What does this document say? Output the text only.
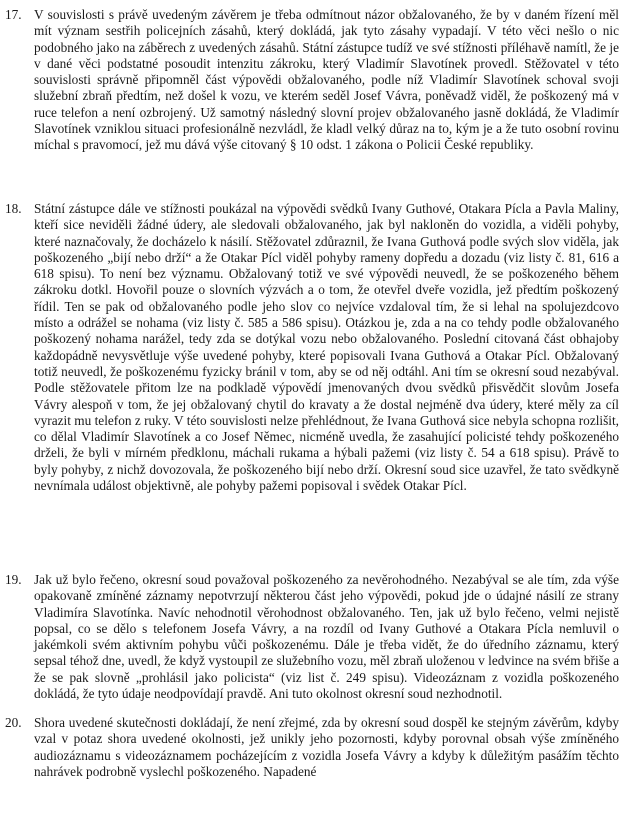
17. V souvislosti s právě uvedeným závěrem je třeba odmítnout názor obžalovaného, že by v daném řízení mě‌l mít význam sestřih policejních zásahů, který dokládá, jak tyto zásahy vypadají. V této věci nešlo o nic podobného jako na záběrech z uvedených zásahů. Státní zástupce tudíž ve své stížnosti příléhavě namítl, že je v dané věci podstatné posoudit intenzitu zákroku, který Vladimír Slavotínek provedl. Stěžovatel v této souvislosti správně připomněl část výpovědi obžalovaného, podle níž Vladimír Slavotínek schoval svoji služební zbraň předtím, než došel k vozu, ve kterém seděl Josef Vávra, poněvadž viděl, že poškozený má v ruce telefon a není ozbrojený. Už samotný následný slovní projev obžalovaného jasně dokládá, že Vladimír Slavotínek vzniklou situaci profesionálně nezvládl, že kladl velký důraz na to, kým je a že tuto osobní rovinu míchal s pravomocí, jež mu dává výše citovaný § 10 odst. 1 zákona o Policii České republiky.

18. Státní zástupce dále ve stížnosti poukázal na výpovědi svědků Ivany Guthové, Otakara Pícla a Pavla Maliny, kteří sice neviděli žádné údery, ale sledovali obžalovaného, jak byl nakloněn do vozidla, a viděli pohyby, které naznačovaly, že docházelo k násilí. Stěžovatel zdůraznil, že Ivana Guthová podle svých slov viděla, jak poškozeného „bijí nebo drží“ a že Otakar Pícl viděl pohyby rameny dopředu a dozadu (viz listy č. 81, 616 a 618 spisu). To není bez významu. Obžalovaný totiž ve své výpovědi neuvedl, že se poškozeného během zákroku dotkl. Hovořil pouze o slovních výzvách a o tom, že otevřel dveře vozidla, jež předtím poškozený řídil. Ten se pak od obžalovaného podle jeho slov co nejvíce vzdaloval tím, že si lehal na spolujezdcovo místo a odrážel se nohama (viz listy č. 585 a 586 spisu). Otázkou je, zda a na co tehdy podle obžalovaného poškozený nohama narážel, tedy zda se dotýkal vozu nebo obžalovaného. Poslední citovaná část obhajoby každopádně nevysvětluje výše uvedené pohyby, které popisovali Ivana Guthová a Otakar Pícl. Obžalovaný totiž neuvedl, že poškozenému fyzicky bránil v tom, aby se od něj odtáhl. Ani tím se okresní soud nezabýval. Podle stěžovatele přitom lze na podkladě výpovědí jmenovaných dvou svědků přisvědčit slovům Josefa Vávry alespoň v tom, že jej obžalovaný chytil do kravaty a že dostal nejméně dva údery, které měly za cíl vyrazit mu telefon z ruky. V této souvislosti nelze přehlédnout, že Ivana Guthová sice nebyla schopna rozlišit, co dělal Vladimír Slavotínek a co Josef Němec, nicméně uvedla, že zasahující policisté tehdy poškozeného drželi, že byli v mírném předklonu, máchali rukama a hýbali pažemi (viz listy č. 54 a 618 spisu). Právě to byly pohyby, z nichž dovozovala, že poškozeného bijí nebo drží. Okresní soud sice uzavřel, že tato svědkyně nevnímala událost objektivně, ale pohyby pažemi popisoval i svědek Otakar Pícl.

19. Jak už bylo řečeno, okresní soud považoval poškozeného za nevěrohodného. Nezabýval se ale tím, zda výše opakovaně zmíněné záznamy nepotvrzují některou část jeho výpovědi, pokud jde o údajné násilí ze strany Vladimíra Slavotínka. Navíc nehodnotil věrohodnost obžalovaného. Ten, jak už bylo řečeno, velmi nejistě popsal, co se dělo s telefonem Josefa Vávry, a na rozdíl od Ivany Guthové a Otakara Pícla nemluvil o jakémkoli svém aktivním pohybu vůči poškozenému. Dále je třeba vidět, že do úředního záznamu, který sepsal téhož dne, uvedl, že když vystoupil ze služebního vozu, měl zbraň uloženou v ledvince na svém břiše a že se pak slovně „prohlásil jako policista“ (viz list č. 249 spisu). Videozáznam z vozidla poškozeného dokládá, že tyto údaje neodpovídají pravdě. Ani tuto okolnost okresní soud nezhodnotil.

20. Shora uvedené skutečnosti dokládají, že není zřejmé, zda by okresní soud dospěl ke stejným závěrům, kdyby vzal v potaz shora uvedené okolnosti, jež unikly jeho pozornosti, kdyby porovnal obsah výše zmíněného audiozáznamu s videozáznamem pocházejícím z vozidla Josefa Vávry a kdyby k důležitým pasážím těchto nahrávek podrobně vyslechl poškozeného. Napadené
